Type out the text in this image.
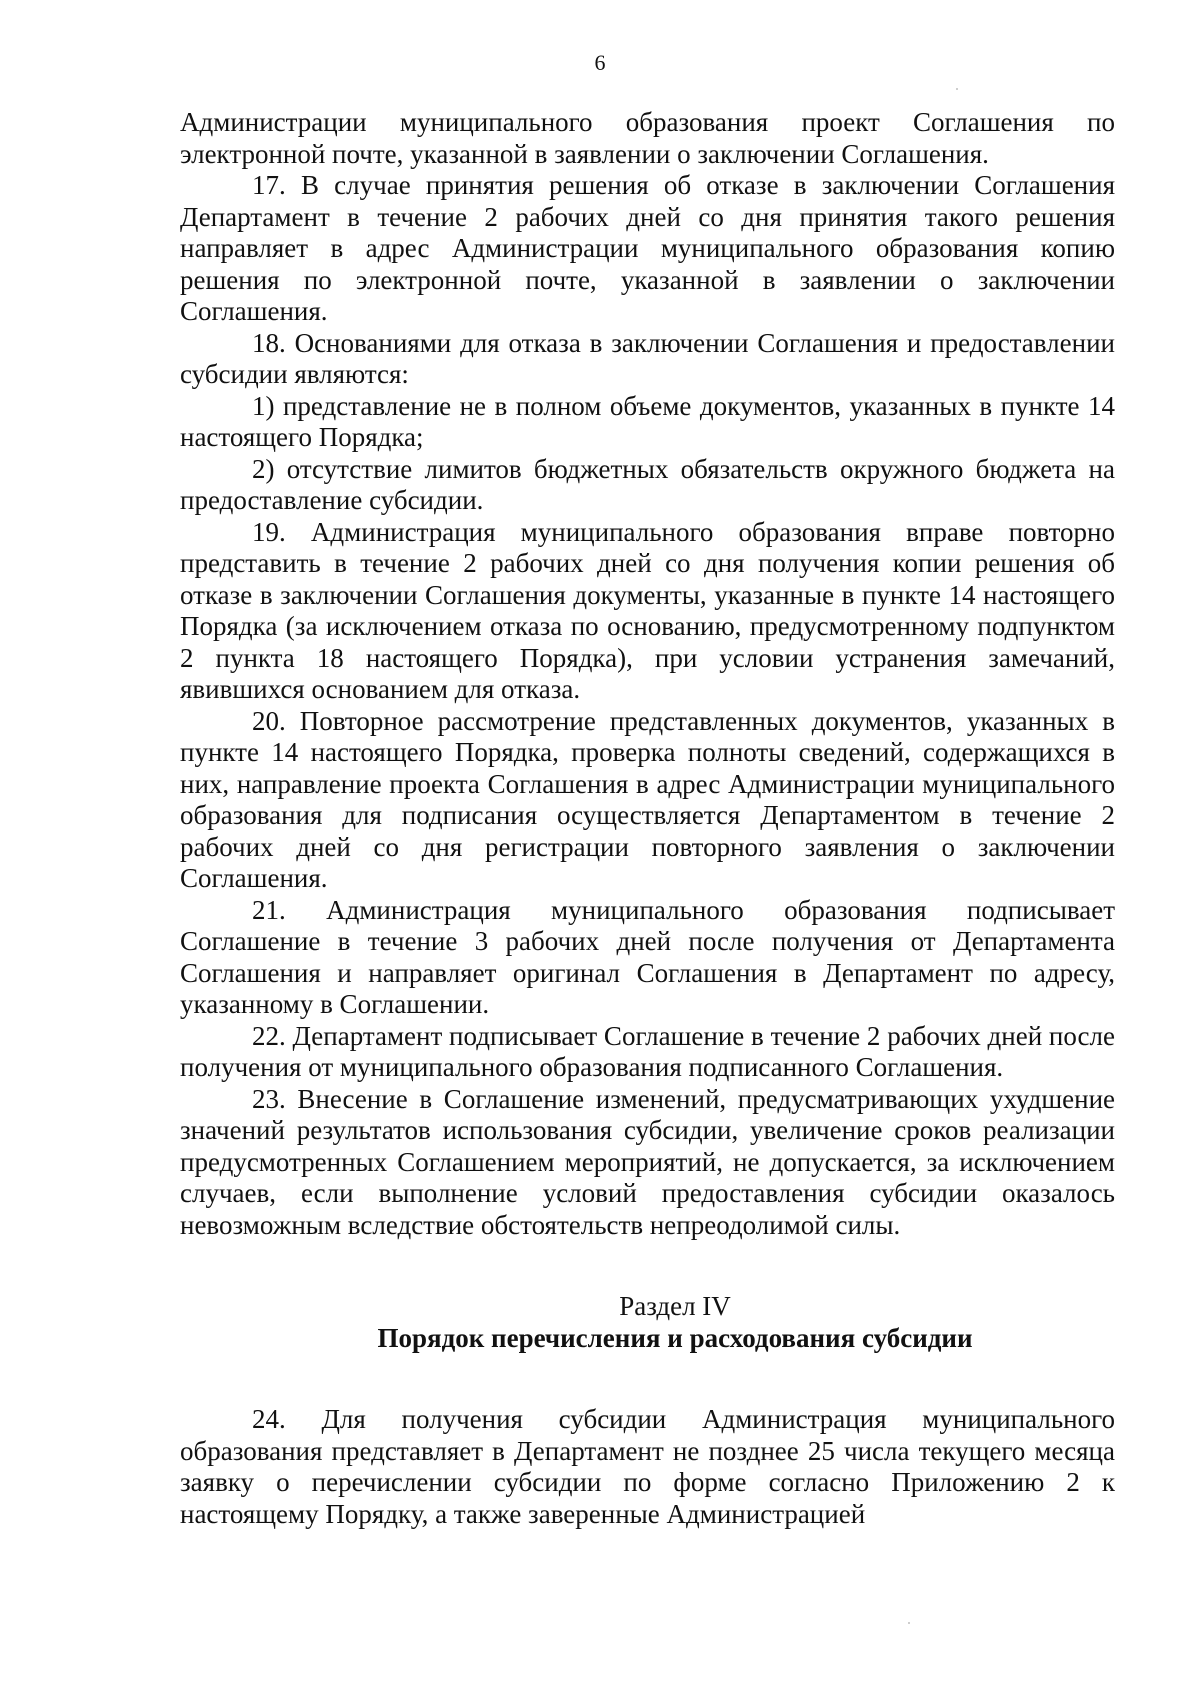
6

Администрации муниципального образования проект Соглашения по электронной почте, указанной в заявлении о заключении Соглашения.

17. В случае принятия решения об отказе в заключении Соглашения Департамент в течение 2 рабочих дней со дня принятия такого решения направляет в адрес Администрации муниципального образования копию решения по электронной почте, указанной в заявлении о заключении Соглашения.

18. Основаниями для отказа в заключении Соглашения и предоставлении субсидии являются:

1) представление не в полном объеме документов, указанных в пункте 14 настоящего Порядка;

2) отсутствие лимитов бюджетных обязательств окружного бюджета на предоставление субсидии.

19. Администрация муниципального образования вправе повторно представить в течение 2 рабочих дней со дня получения копии решения об отказе в заключении Соглашения документы, указанные в пункте 14 настоящего Порядка (за исключением отказа по основанию, предусмотренному подпунктом 2 пункта 18 настоящего Порядка), при условии устранения замечаний, явившихся основанием для отказа.

20. Повторное рассмотрение представленных документов, указанных в пункте 14 настоящего Порядка, проверка полноты сведений, содержащихся в них, направление проекта Соглашения в адрес Администрации муниципального образования для подписания осуществляется Департаментом в течение 2 рабочих дней со дня регистрации повторного заявления о заключении Соглашения.

21. Администрация муниципального образования подписывает Соглашение в течение 3 рабочих дней после получения от Департамента Соглашения и направляет оригинал Соглашения в Департамент по адресу, указанному в Соглашении.

22. Департамент подписывает Соглашение в течение 2 рабочих дней после получения от муниципального образования подписанного Соглашения.

23. Внесение в Соглашение изменений, предусматривающих ухудшение значений результатов использования субсидии, увеличение сроков реализации предусмотренных Соглашением мероприятий, не допускается, за исключением случаев, если выполнение условий предоставления субсидии оказалось невозможным вследствие обстоятельств непреодолимой силы.

Раздел IV

Порядок перечисления и расходования субсидии

24. Для получения субсидии Администрация муниципального образования представляет в Департамент не позднее 25 числа текущего месяца заявку о перечислении субсидии по форме согласно Приложению 2 к настоящему Порядку, а также заверенные Администрацией
